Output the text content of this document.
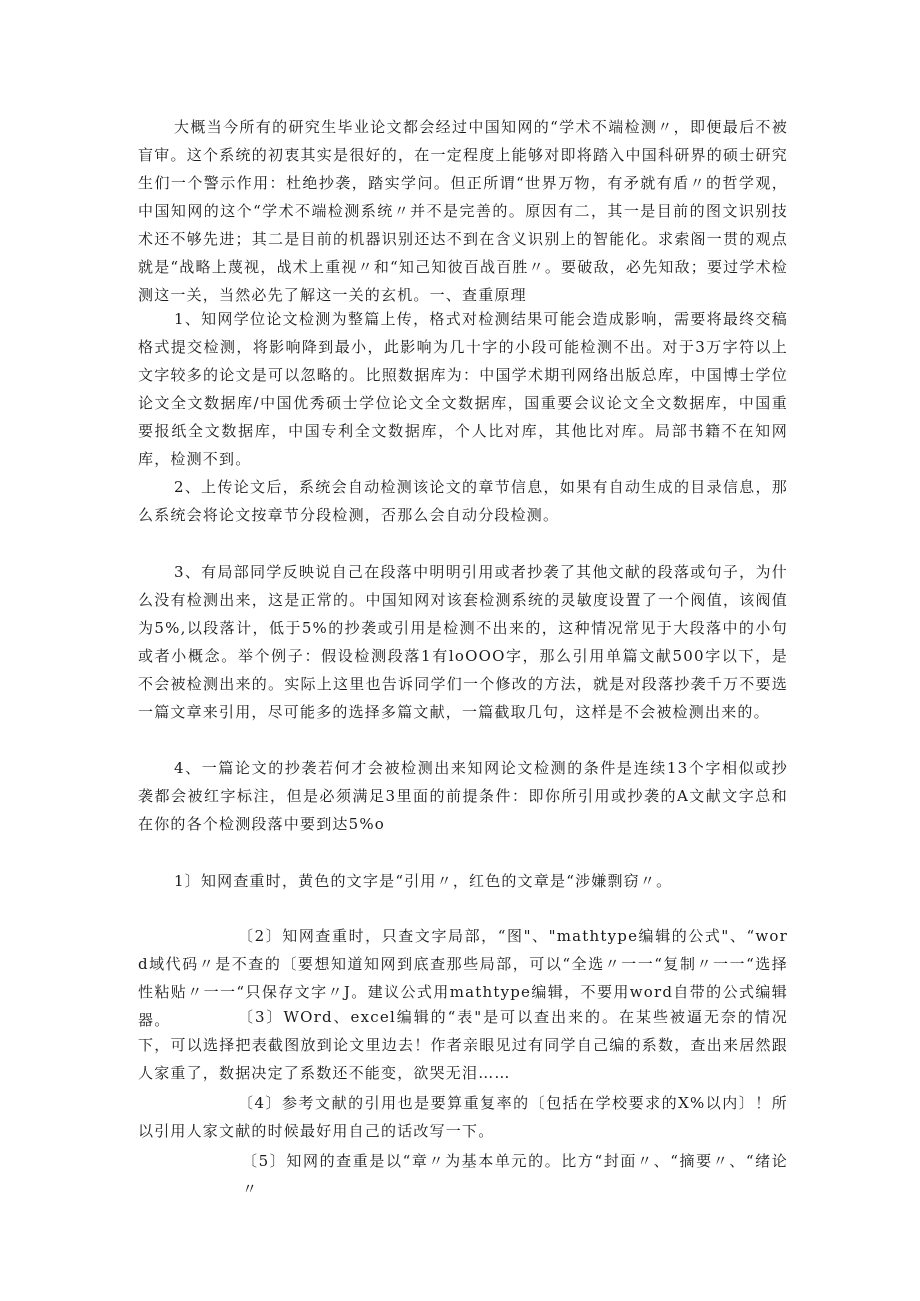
大概当今所有的研究生毕业论文都会经过中国知网的“学术不端检测〃，即便最后不被盲审。这个系统的初衷其实是很好的，在一定程度上能够对即将踏入中国科研界的硕士研究生们一个警示作用：杜绝抄袭，踏实学问。但正所谓“世界万物，有矛就有盾〃的哲学观，中国知网的这个“学术不端检测系统〃并不是完善的。原因有二，其一是目前的图文识别技术还不够先进；其二是目前的机器识别还达不到在含义识别上的智能化。求索阁一贯的观点就是“战略上蔑视，战术上重视〃和“知己知彼百战百胜〃。要破敌，必先知敌；要过学术检测这一关，当然必先了解这一关的玄机。一、查重原理

1、知网学位论文检测为整篇上传，格式对检测结果可能会造成影响，需要将最终交稿格式提交检测，将影响降到最小，此影响为几十字的小段可能检测不出。对于3万字符以上文字较多的论文是可以忽略的。比照数据库为：中国学术期刊网络出版总库，中国博士学位论文全文数据库/中国优秀硕士学位论文全文数据库，国重要会议论文全文数据库，中国重要报纸全文数据库，中国专利全文数据库，个人比对库，其他比对库。局部书籍不在知网库，检测不到。

2、上传论文后，系统会自动检测该论文的章节信息，如果有自动生成的目录信息，那么系统会将论文按章节分段检测，否那么会自动分段检测。

3、有局部同学反映说自己在段落中明明引用或者抄袭了其他文献的段落或句子，为什么没有检测出来，这是正常的。中国知网对该套检测系统的灵敏度设置了一个阀值，该阀值为5%,以段落计，低于5%的抄袭或引用是检测不出来的，这种情况常见于大段落中的小句或者小概念。举个例子：假设检测段落1有loOOO字，那么引用单篇文献500字以下，是不会被检测出来的。实际上这里也告诉同学们一个修改的方法，就是对段落抄袭千万不要选一篇文章来引用，尽可能多的选择多篇文献，一篇截取几句，这样是不会被检测出来的。

4、一篇论文的抄袭若何才会被检测出来知网论文检测的条件是连续13个字相似或抄袭都会被红字标注，但是必须满足3里面的前提条件：即你所引用或抄袭的A文献文字总和在你的各个检测段落中要到达5%o

1〕知网查重时，黄色的文字是“引用〃，红色的文章是“涉嫌剽窃〃。

〔2〕知网查重时，只查文字局部，“图"、"mathtype编辑的公式"、“word域代码〃是不查的〔要想知道知网到底查那些局部，可以“全选〃一一“复制〃一一“选择性粘贴〃一一“只保存文字〃J。建议公式用mathtype编辑，不要用word自带的公式编辑器。	〔3〕WOrd、excel编辑的“表"是可以查出来的。在某些被逼无奈的情况下，可以选择把表截图放到论文里边去！作者亲眼见过有同学自己编的系数，查出来居然跟人家重了，数据决定了系数还不能变，欲哭无泪……

〔4〕参考文献的引用也是要算重复率的〔包括在学校要求的X%以内〕！所以引用人家文献的时候最好用自己的话改写一下。

〔5〕知网的查重是以“章〃为基本单元的。比方“封面〃、“摘要〃、“绪论〃
